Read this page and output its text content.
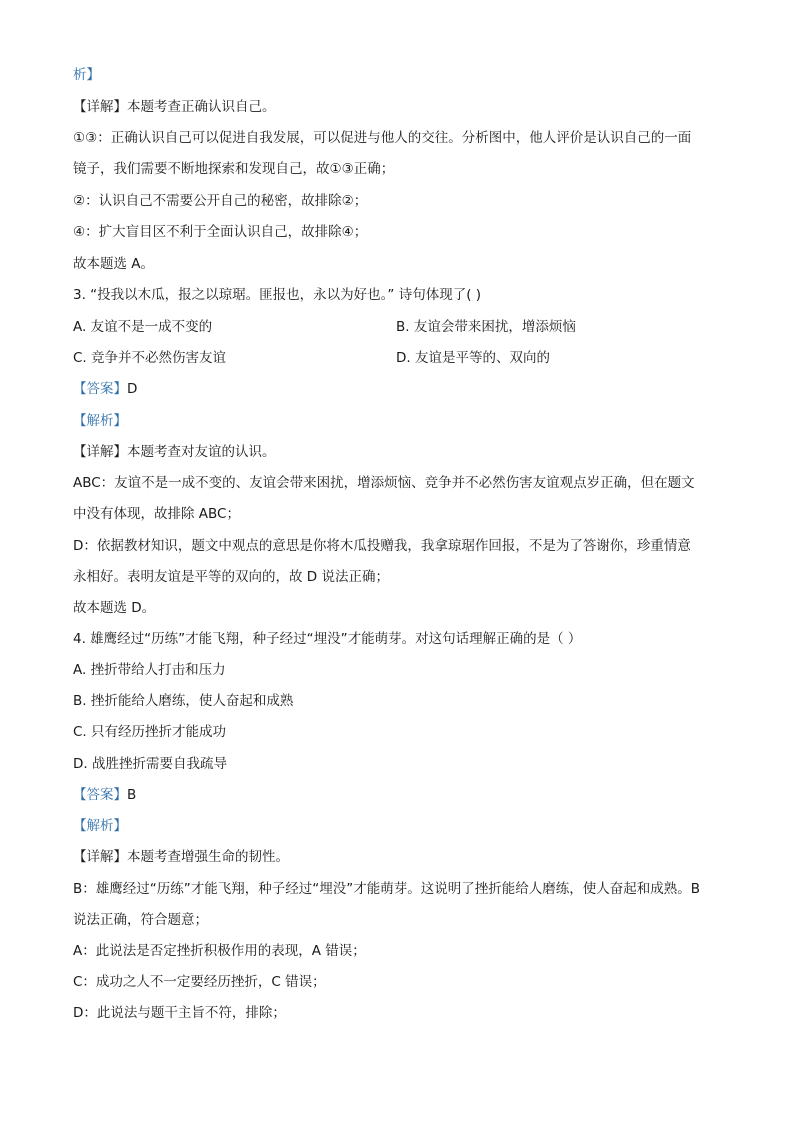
析】
【详解】本题考查正确认识自己。
①③：正确认识自己可以促进自我发展，可以促进与他人的交往。分析图中，他人评价是认识自己的一面
镜子，我们需要不断地探索和发现自己，故①③正确；
②：认识自己不需要公开自己的秘密，故排除②；
④：扩大盲目区不利于全面认识自己，故排除④；
故本题选 A。
3. “投我以木瓜，报之以琼琚。匪报也，永以为好也。” 诗句体现了( )
A. 友谊不是一成不变的	B. 友谊会带来困扰，增添烦恼
C. 竞争并不必然伤害友谊	D. 友谊是平等的、双向的
【答案】D
【解析】
【详解】本题考查对友谊的认识。
ABC：友谊不是一成不变的、友谊会带来困扰，增添烦恼、竞争并不必然伤害友谊观点岁正确，但在题文
中没有体现，故排除 ABC；
D：依据教材知识，题文中观点的意思是你将木瓜投赠我，我拿琼琚作回报，不是为了答谢你，珍重情意
永相好。表明友谊是平等的双向的，故 D 说法正确；
故本题选 D。
4. 雄鹰经过“历练”才能飞翔，种子经过“埋没”才能萌芽。对这句话理解正确的是（ ）
A. 挫折带给人打击和压力
B. 挫折能给人磨练，使人奋起和成熟
C. 只有经历挫折才能成功
D. 战胜挫折需要自我疏导
【答案】B
【解析】
【详解】本题考查增强生命的韧性。
B：雄鹰经过“历练”才能飞翔，种子经过“埋没”才能萌芽。这说明了挫折能给人磨练，使人奋起和成熟。B
说法正确，符合题意；
A：此说法是否定挫折积极作用的表现，A 错误；
C：成功之人不一定要经历挫折，C 错误；
D：此说法与题干主旨不符，排除；
